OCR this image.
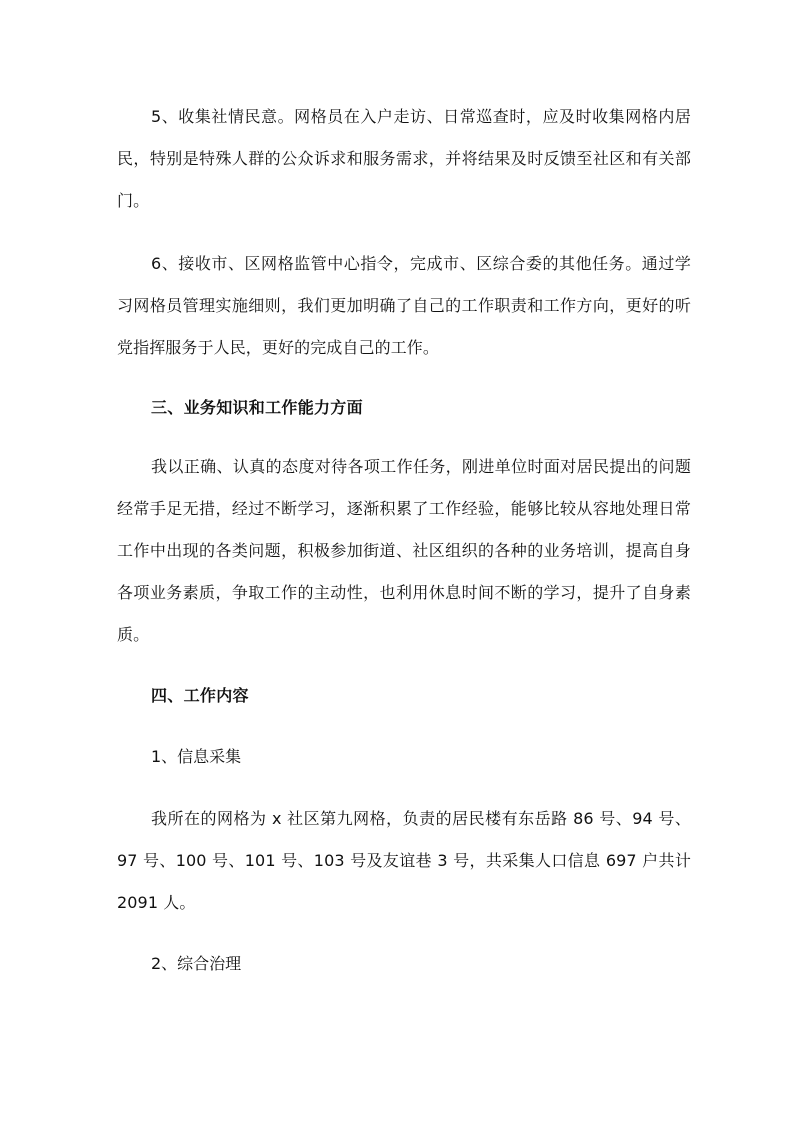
5、收集社情民意。网格员在入户走访、日常巡查时，应及时收集网格内居民，特别是特殊人群的公众诉求和服务需求，并将结果及时反馈至社区和有关部门。

6、接收市、区网格监管中心指令，完成市、区综合委的其他任务。通过学习网格员管理实施细则，我们更加明确了自己的工作职责和工作方向，更好的听党指挥服务于人民，更好的完成自己的工作。

三、业务知识和工作能力方面

我以正确、认真的态度对待各项工作任务，刚进单位时面对居民提出的问题经常手足无措，经过不断学习，逐渐积累了工作经验，能够比较从容地处理日常工作中出现的各类问题，积极参加街道、社区组织的各种的业务培训，提高自身各项业务素质，争取工作的主动性，也利用休息时间不断的学习，提升了自身素质。

四、工作内容

1、信息采集

我所在的网格为 x 社区第九网格，负责的居民楼有东岳路 86 号、94 号、97 号、100 号、101 号、103 号及友谊巷 3 号，共采集人口信息 697 户共计2091 人。

2、综合治理
